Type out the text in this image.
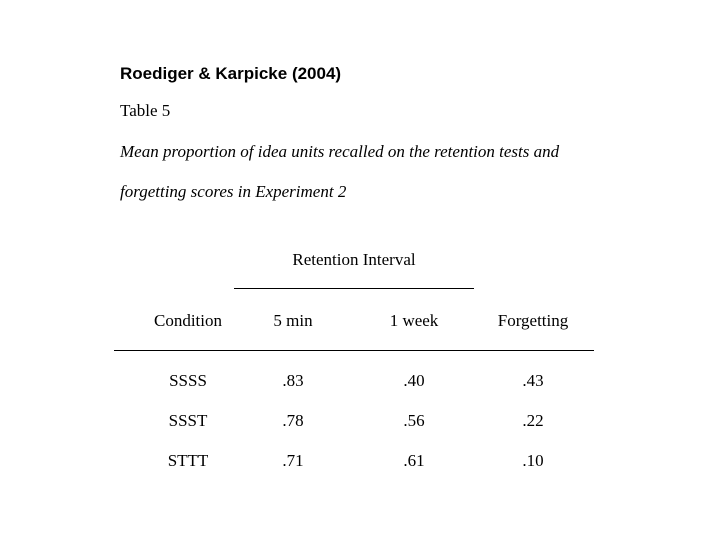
Roediger & Karpicke (2004)
Table 5
Mean proportion of idea units recalled on the retention tests and
forgetting scores in Experiment 2
Retention Interval
Condition	5 min	1 week	Forgetting
SSSS	.83	.40	.43
SSST	.78	.56	.22
STTT	.71	.61	.10
